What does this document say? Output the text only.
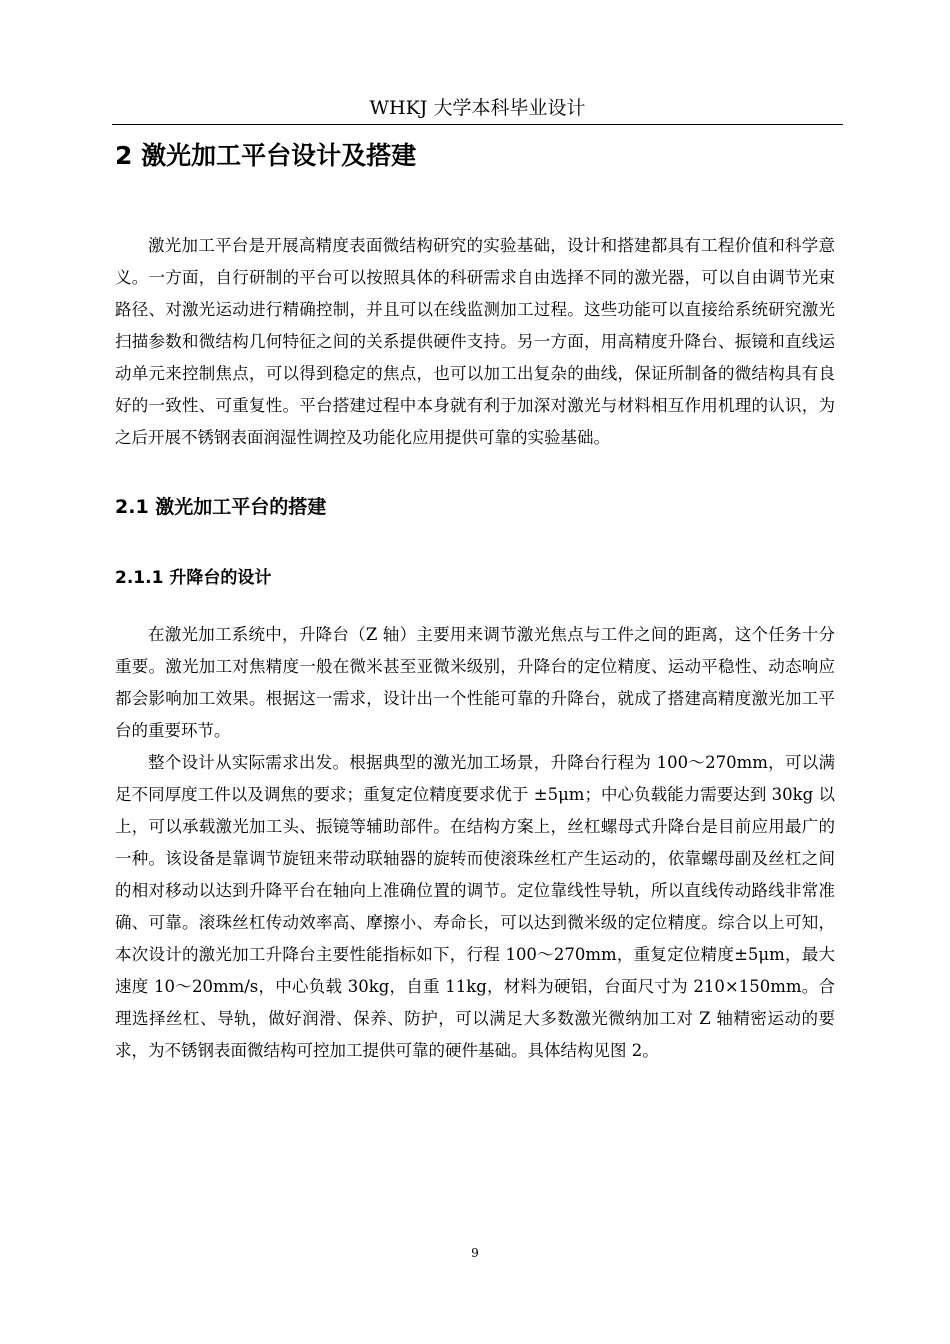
WHKJ 大学本科毕业设计
2 激光加工平台设计及搭建

激光加工平台是开展高精度表面微结构研究的实验基础，设计和搭建都具有工程价值和科学意义。一方面，自行研制的平台可以按照具体的科研需求自由选择不同的激光器，可以自由调节光束路径、对激光运动进行精确控制，并且可以在线监测加工过程。这些功能可以直接给系统研究激光扫描参数和微结构几何特征之间的关系提供硬件支持。另一方面，用高精度升降台、振镜和直线运动单元来控制焦点，可以得到稳定的焦点，也可以加工出复杂的曲线，保证所制备的微结构具有良好的一致性、可重复性。平台搭建过程中本身就有利于加深对激光与材料相互作用机理的认识，为之后开展不锈钢表面润湿性调控及功能化应用提供可靠的实验基础。

2.1 激光加工平台的搭建
2.1.1 升降台的设计

在激光加工系统中，升降台（Z 轴）主要用来调节激光焦点与工件之间的距离，这个任务十分重要。激光加工对焦精度一般在微米甚至亚微米级别，升降台的定位精度、运动平稳性、动态响应都会影响加工效果。根据这一需求，设计出一个性能可靠的升降台，就成了搭建高精度激光加工平台的重要环节。

整个设计从实际需求出发。根据典型的激光加工场景，升降台行程为 100～270mm，可以满足不同厚度工件以及调焦的要求；重复定位精度要求优于 ±5μm；中心负载能力需要达到 30kg 以上，可以承载激光加工头、振镜等辅助部件。在结构方案上，丝杠螺母式升降台是目前应用最广的一种。该设备是靠调节旋钮来带动联轴器的旋转而使滚珠丝杠产生运动的，依靠螺母副及丝杠之间的相对移动以达到升降平台在轴向上准确位置的调节。定位靠线性导轨，所以直线传动路线非常准确、可靠。滚珠丝杠传动效率高、摩擦小、寿命长，可以达到微米级的定位精度。综合以上可知，本次设计的激光加工升降台主要性能指标如下，行程 100～270mm，重复定位精度±5μm，最大速度 10～20mm/s，中心负载 30kg，自重 11kg，材料为硬铝，台面尺寸为 210×150mm。合理选择丝杠、导轨，做好润滑、保养、防护，可以满足大多数激光微纳加工对 Z 轴精密运动的要求，为不锈钢表面微结构可控加工提供可靠的硬件基础。具体结构见图 2。

9
